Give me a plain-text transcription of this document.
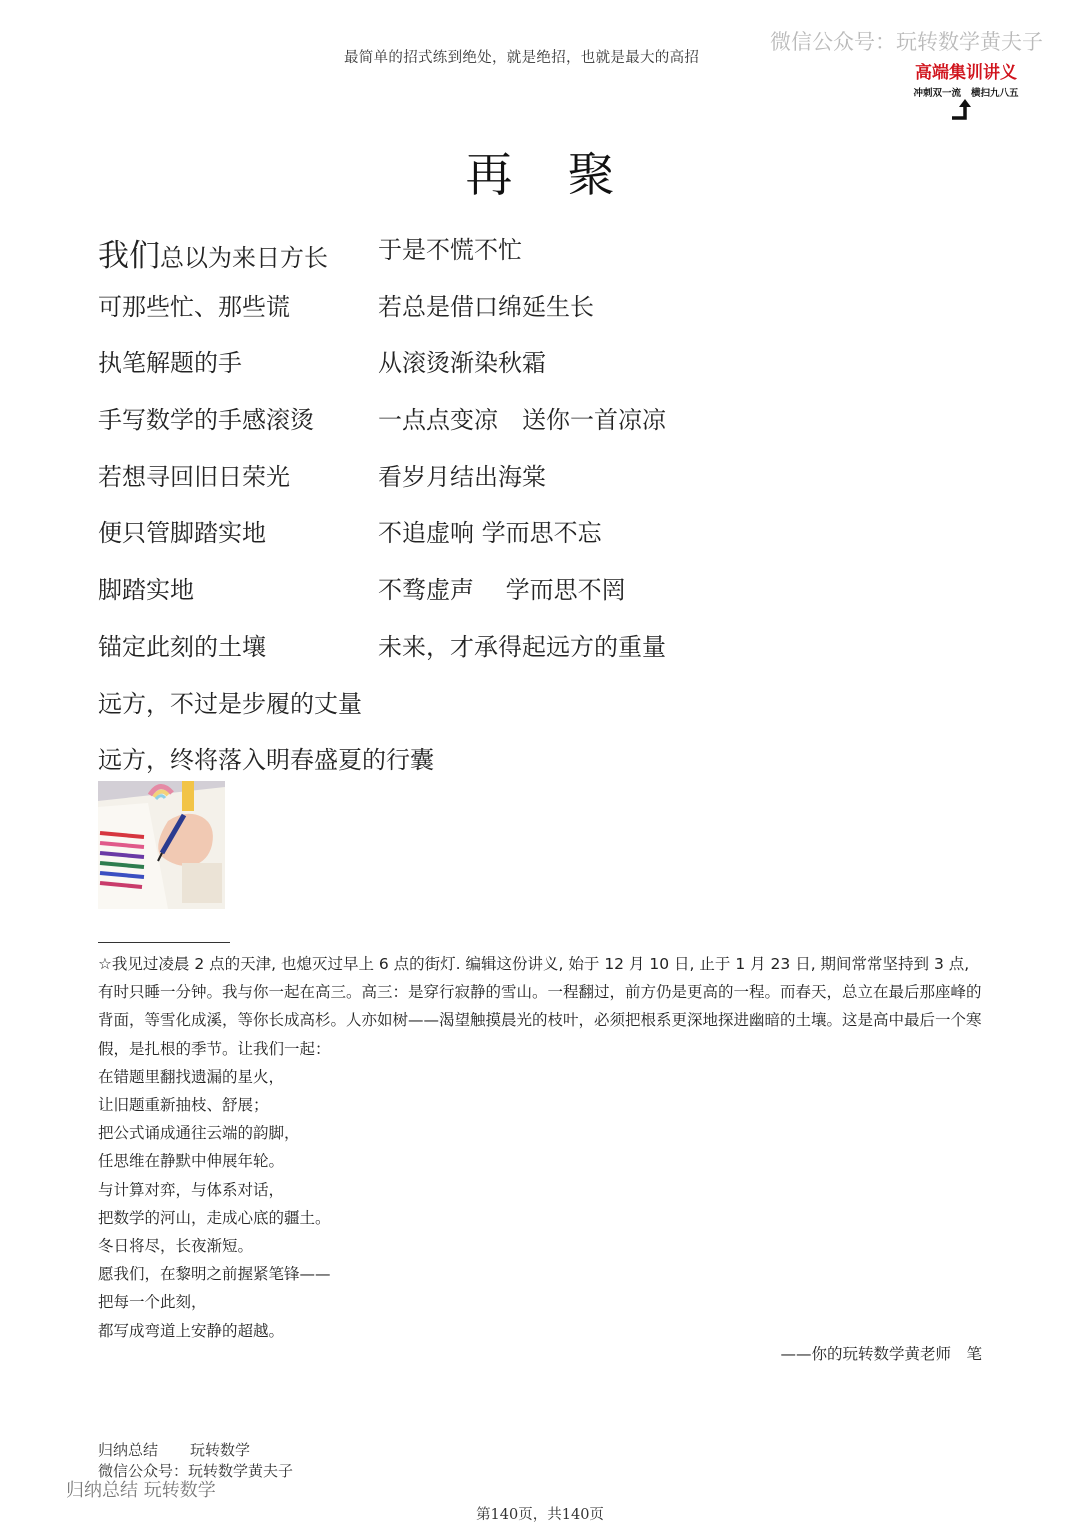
最简单的招式练到绝处，就是绝招，也就是最大的高招
微信公众号：玩转数学黄夫子
高端集训讲义
冲刺双一流 横扫九八五
再 聚
我们总以为来日方长 于是不慌不忙
可那些忙、那些谎	若总是借口绵延生长
执笔解题的手	从滚烫渐染秋霜
手写数学的手感滚烫	一点点变凉　送你一首凉凉
若想寻回旧日荣光	看岁月结出海棠
便只管脚踏实地	不追虚响 学而思不忘
脚踏实地	不骛虚声　 学而思不罔
锚定此刻的土壤	未来，才承得起远方的重量
远方，不过是步履的丈量
远方，终将落入明春盛夏的行囊

☆我见过凌晨 2 点的天津, 也熄灭过早上 6 点的街灯. 编辑这份讲义, 始于 12 月 10 日, 止于 1 月 23 日, 期间常常坚持到 3 点, 有时只睡一分钟。我与你一起在高三。高三：是穿行寂静的雪山。一程翻过，前方仍是更高的一程。而春天，总立在最后那座峰的背面，等雪化成溪，等你长成高杉。人亦如树——渴望触摸晨光的枝叶，必须把根系更深地探进幽暗的土壤。这是高中最后一个寒假，是扎根的季节。让我们一起：

在错题里翻找遗漏的星火，

让旧题重新抽枝、舒展；

把公式诵成通往云端的韵脚，

任思维在静默中伸展年轮。

与计算对弈，与体系对话，

把数学的河山，走成心底的疆土。

冬日将尽，长夜渐短。

愿我们，在黎明之前握紧笔锋——

把每一个此刻，

都写成弯道上安静的超越。

——你的玩转数学黄老师　笔
归纳总结 玩转数学
微信公众号：玩转数学黄夫子
归纳总结 玩转数学
第140页，共140页
